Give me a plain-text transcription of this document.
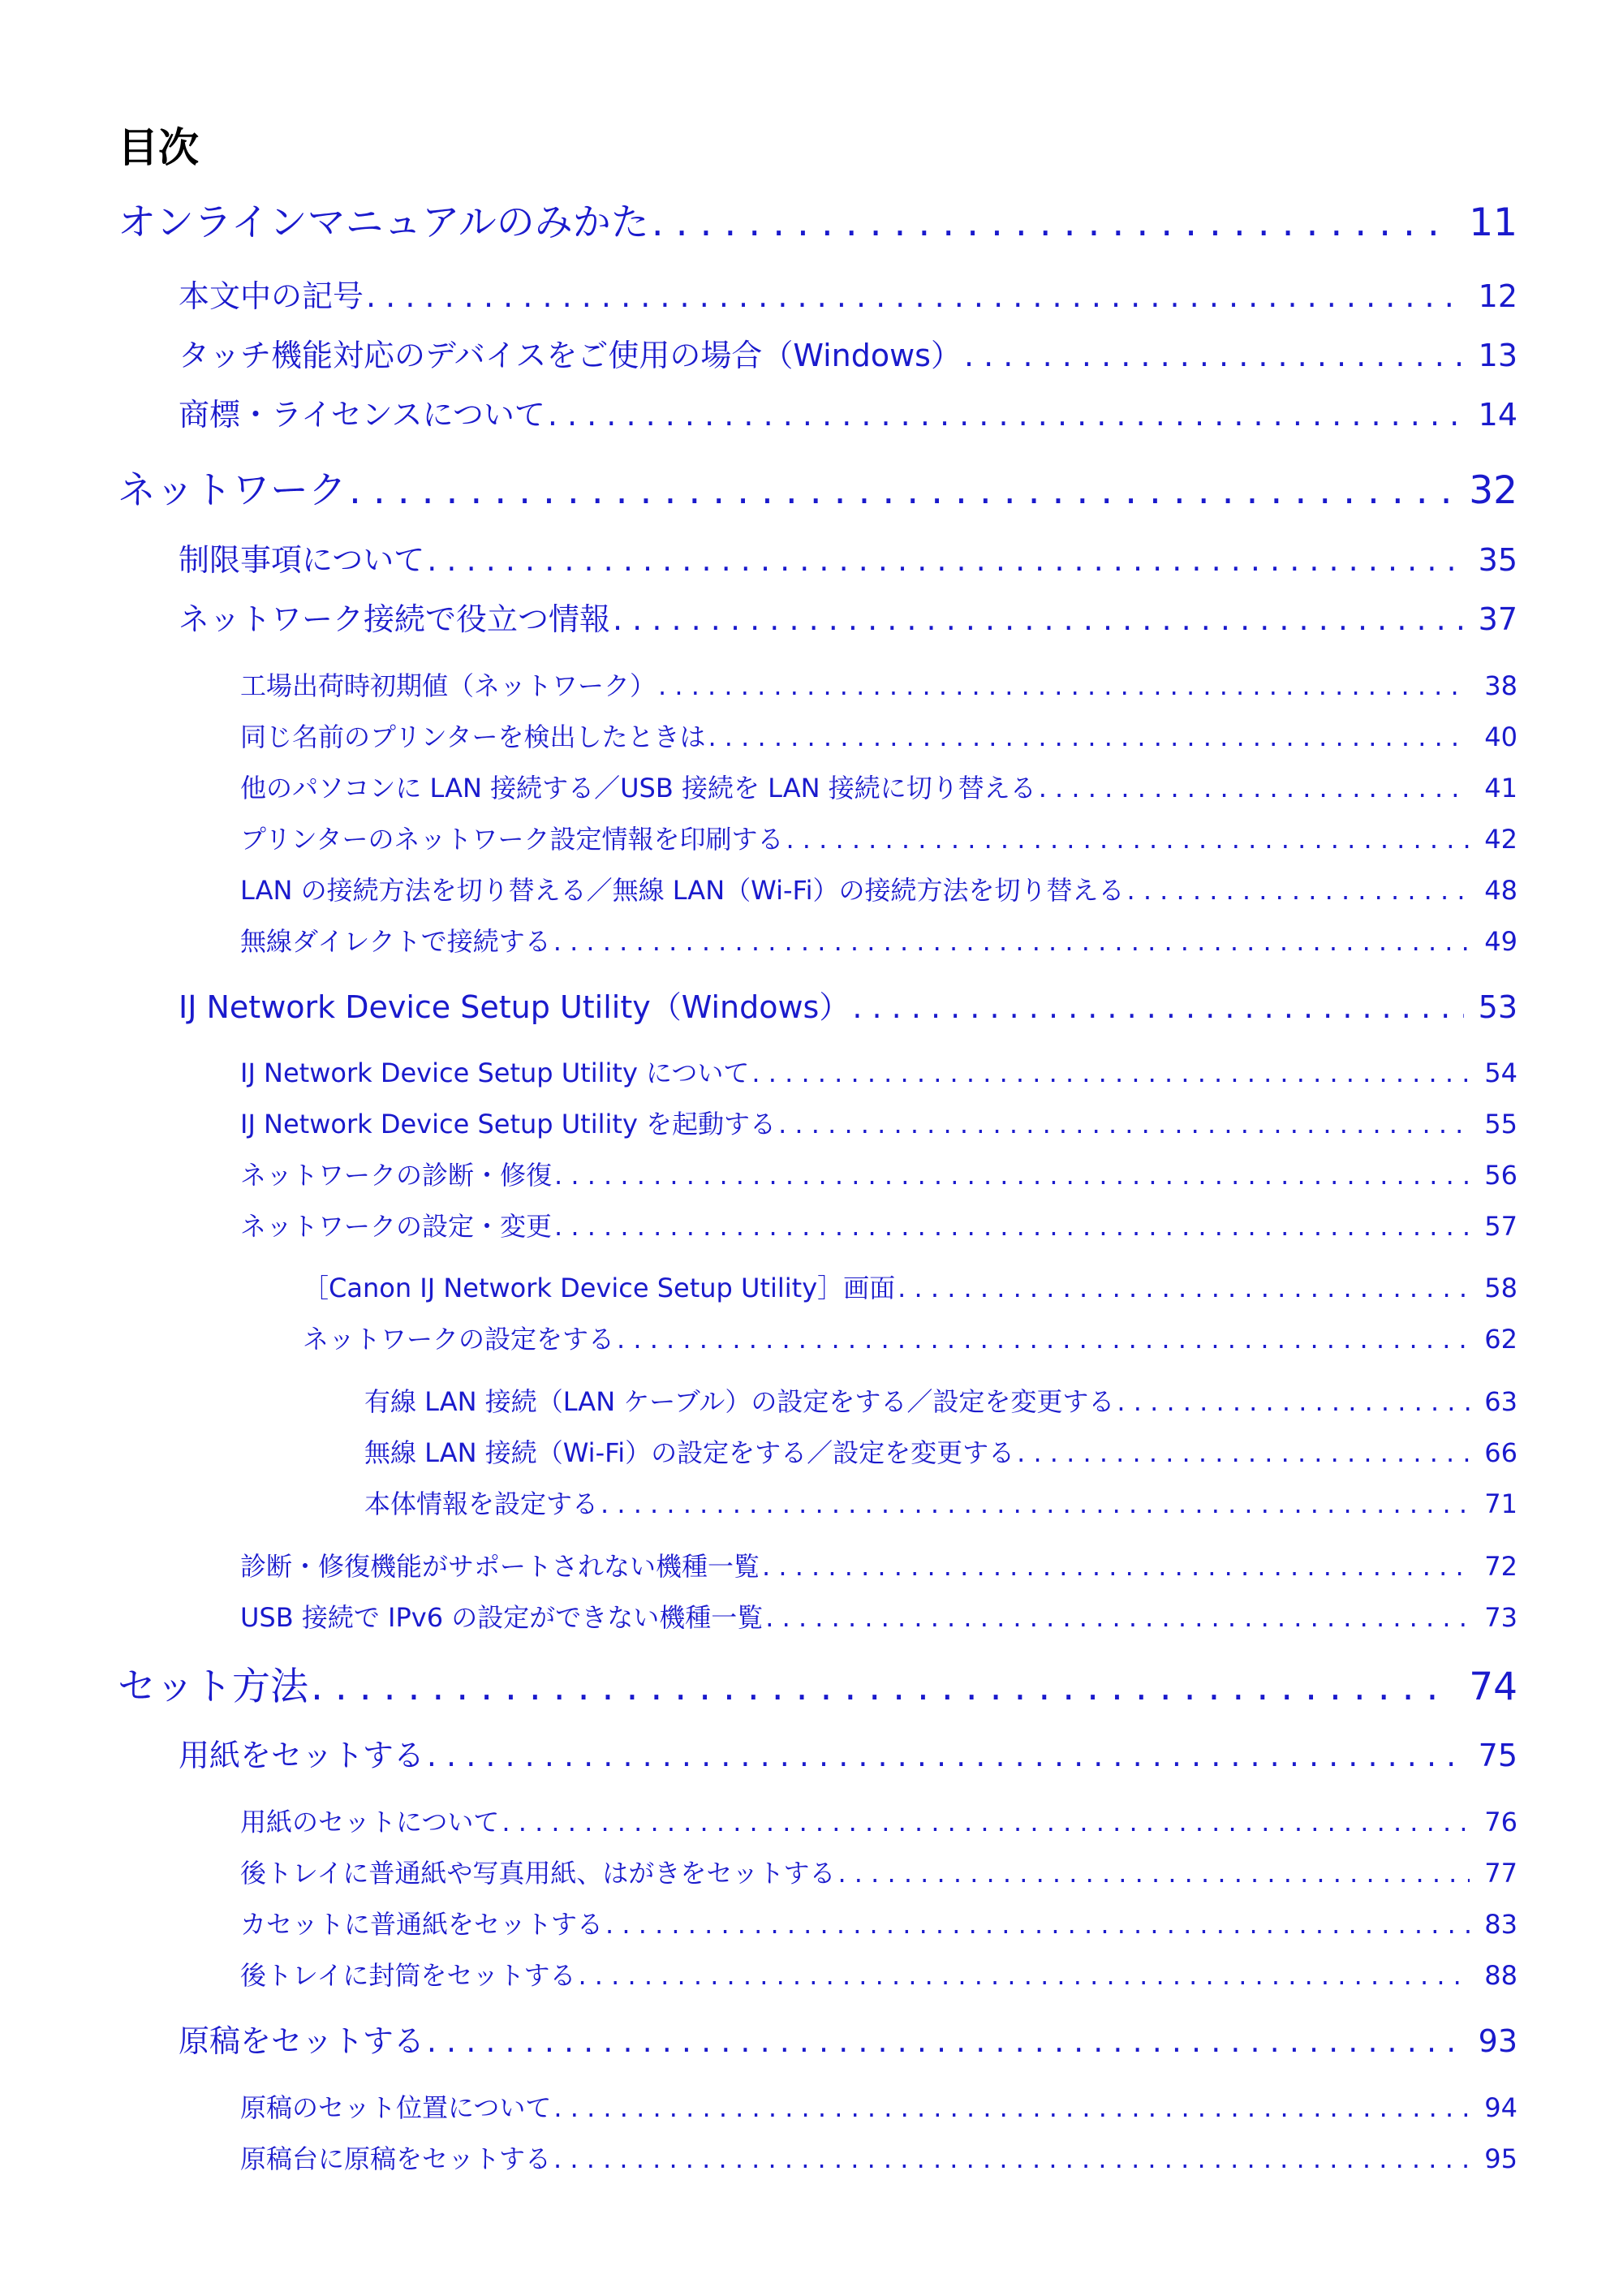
目次
オンラインマニュアルのみかた . . .	11
本文中の記号 . . .	12
タッチ機能対応のデバイスをご使用の場合（Windows） . . .	13
商標・ライセンスについて . . .	14
ネットワーク . . .	32
制限事項について . . .	35
ネットワーク接続で役立つ情報 . . .	37
工場出荷時初期値（ネットワーク） . . .	38
同じ名前のプリンターを検出したときは . . .	40
他のパソコンに LAN 接続する／USB 接続を LAN 接続に切り替える . . .	41
プリンターのネットワーク設定情報を印刷する . . .	42
LAN の接続方法を切り替える／無線 LAN（Wi-Fi）の接続方法を切り替える . . .	48
無線ダイレクトで接続する . . .	49
IJ Network Device Setup Utility（Windows） . . .	53
IJ Network Device Setup Utility について . . .	54
IJ Network Device Setup Utility を起動する . . .	55
ネットワークの診断・修復 . . .	56
ネットワークの設定・変更 . . .	57
［Canon IJ Network Device Setup Utility］画面 . . .	58
ネットワークの設定をする . . .	62
有線 LAN 接続（LAN ケーブル）の設定をする／設定を変更する . . .	63
無線 LAN 接続（Wi-Fi）の設定をする／設定を変更する . . .	66
本体情報を設定する . . .	71
診断・修復機能がサポートされない機種一覧 . . .	72
USB 接続で IPv6 の設定ができない機種一覧 . . .	73
セット方法 . . .	74
用紙をセットする . . .	75
用紙のセットについて . . .	76
後トレイに普通紙や写真用紙、はがきをセットする . . .	77
カセットに普通紙をセットする . . .	83
後トレイに封筒をセットする . . .	88
原稿をセットする . . .	93
原稿のセット位置について . . .	94
原稿台に原稿をセットする . . .	95
